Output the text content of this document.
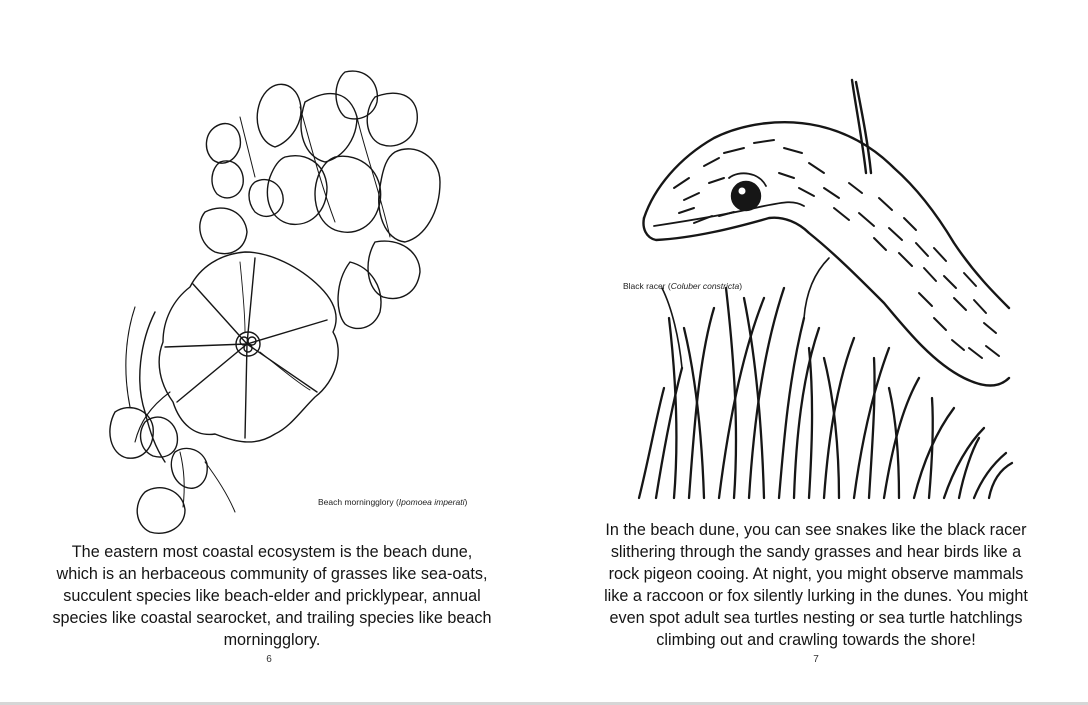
Beach morningglory (Ipomoea imperati)
The eastern most coastal ecosystem is the beach dune, which is an herbaceous community of grasses like sea-oats, succulent species like beach-elder and pricklypear, annual species like coastal searocket, and trailing species like beach morningglory.
6
Black racer (Coluber constricta)
In the beach dune, you can see snakes like the black racer slithering through the sandy grasses and hear birds like a rock pigeon cooing. At night, you might observe mammals like a raccoon or fox silently lurking in the dunes. You might even spot adult sea turtles nesting or sea turtle hatchlings climbing out and crawling towards the shore!
7
